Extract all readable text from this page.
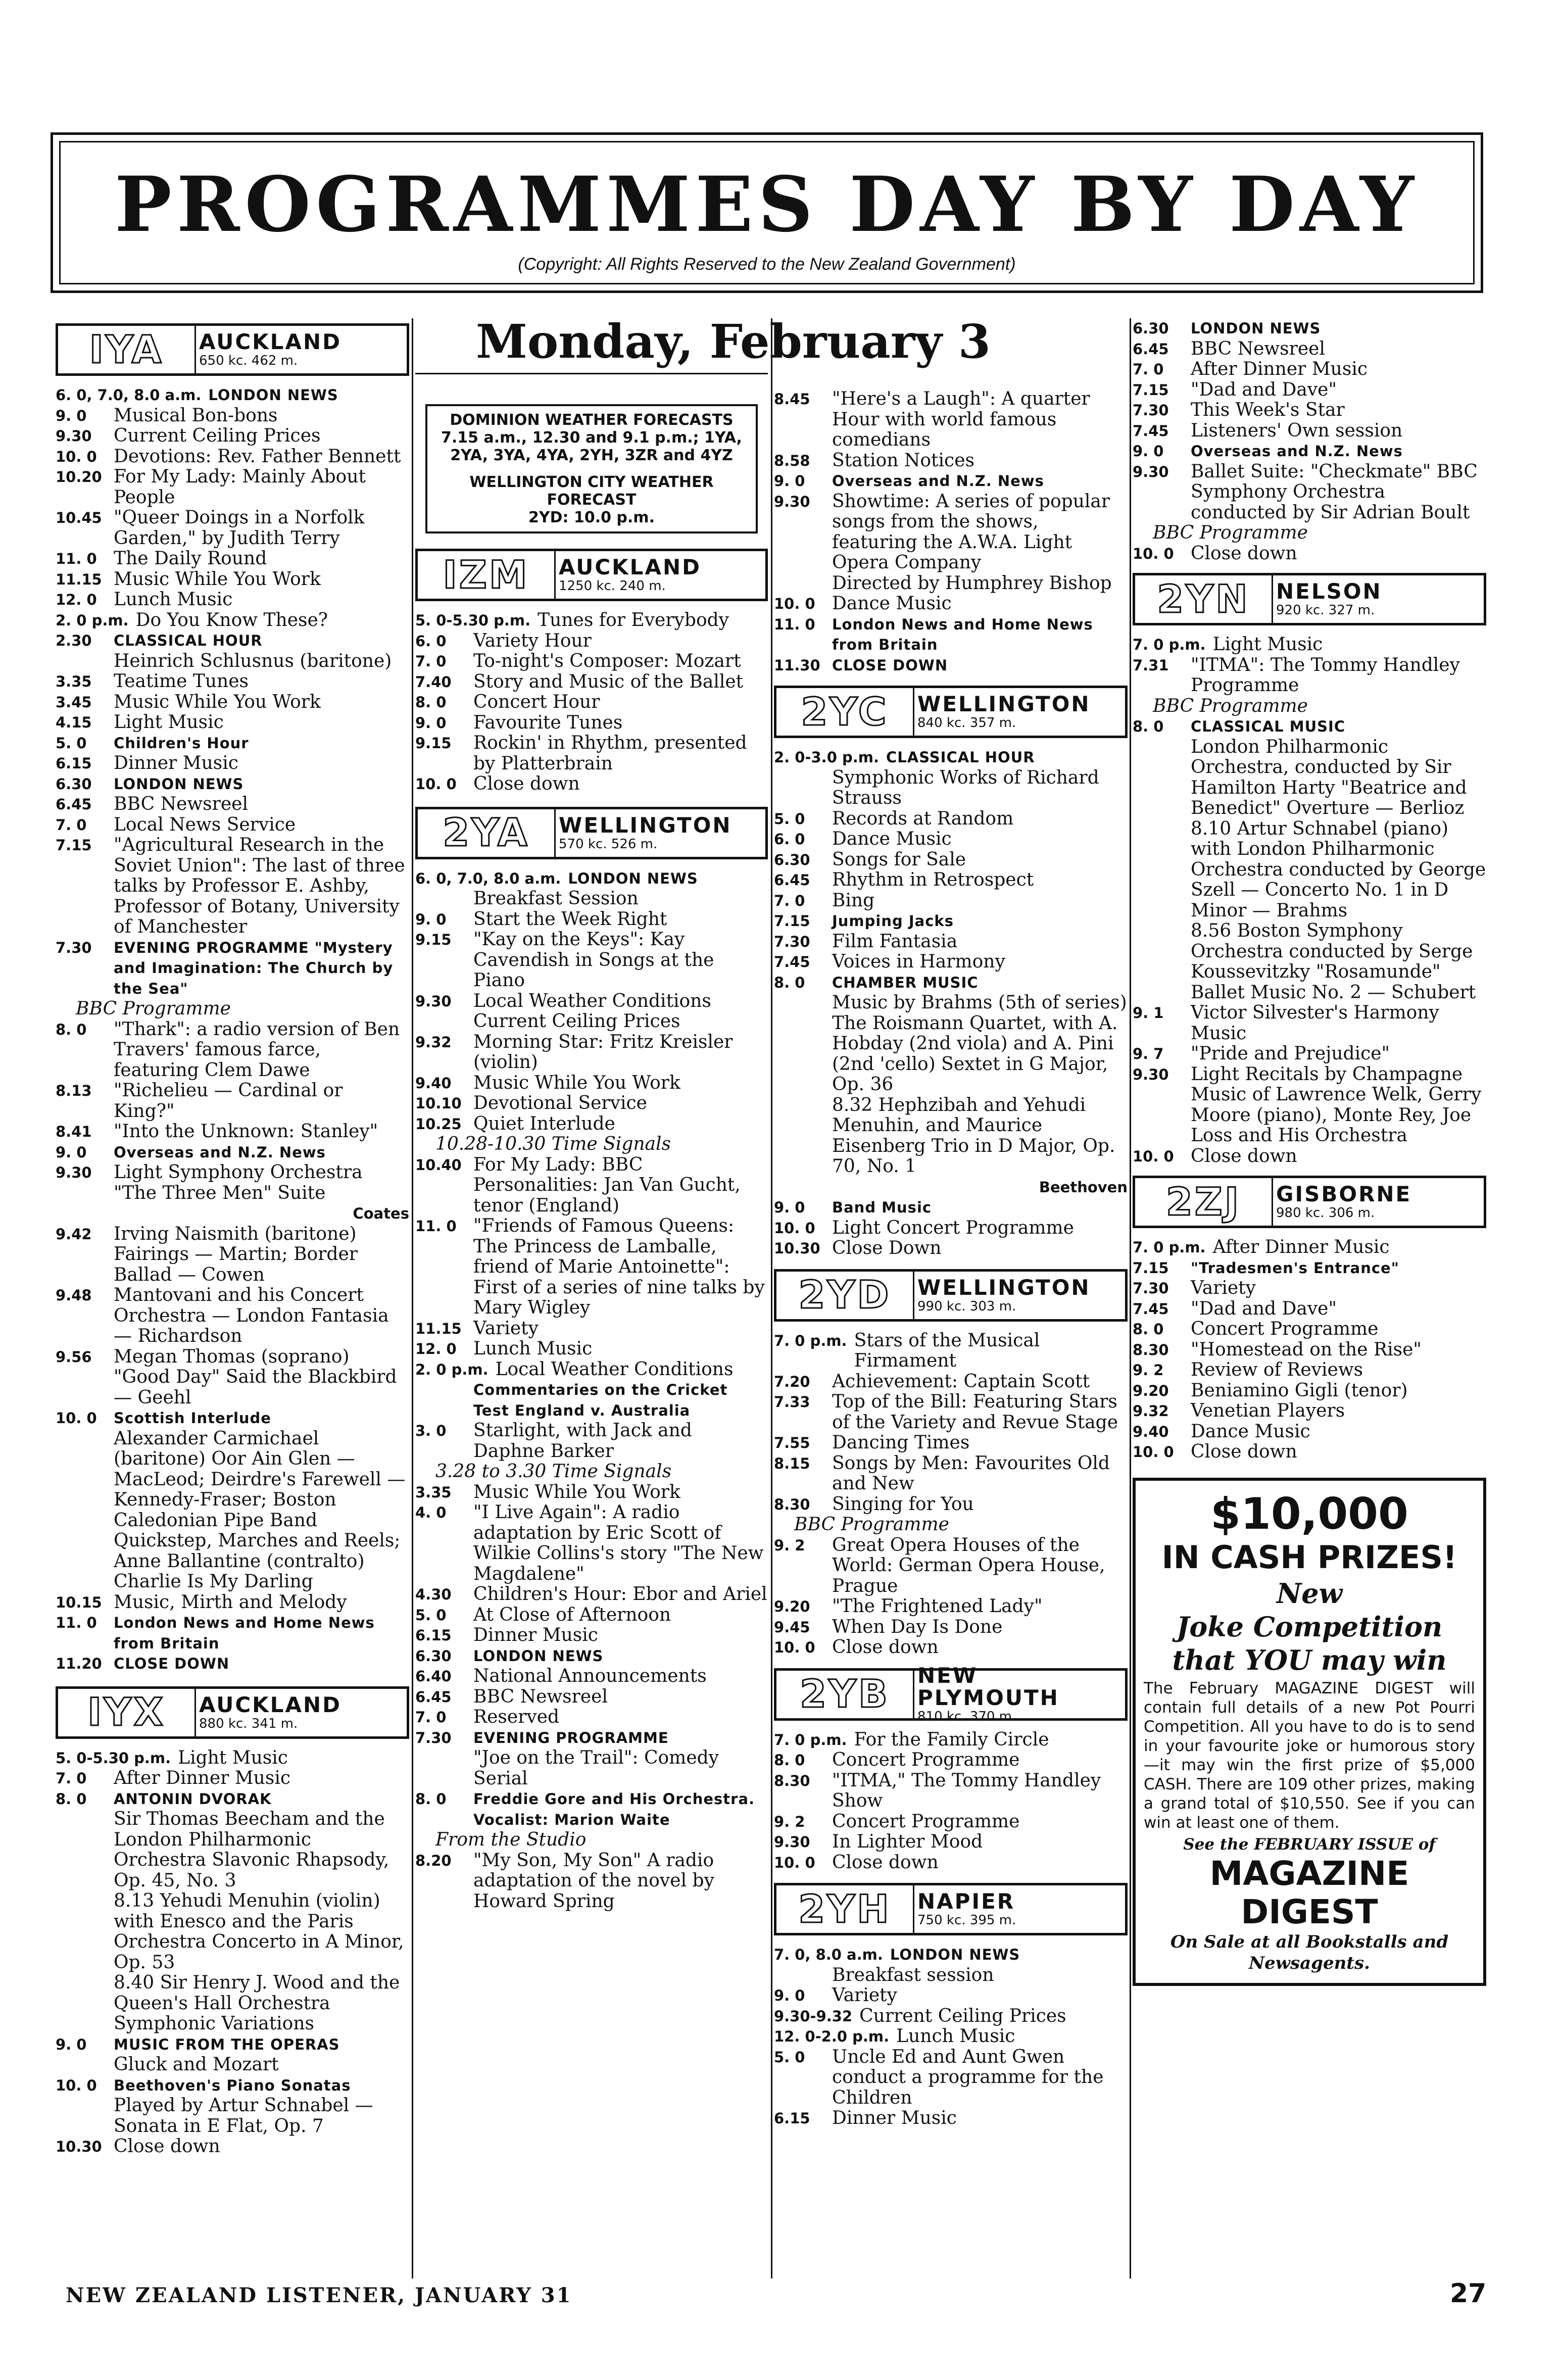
PROGRAMMES DAY BY DAY
(Copyright: All Rights Reserved to the New Zealand Government)
IYA	AUCKLAND
650 kc. 462 m.
6. 0, 7.0, 8.0 a.m. LONDON NEWS
9. 0	Musical Bon-bons
9.30	Current Ceiling Prices
10. 0 Devotions: Rev. Father Bennett
10.20 For My Lady: Mainly About People
10.45 "Queer Doings in a Norfolk Garden," by Judith Terry
11. 0 The Daily Round
11.15 Music While You Work
12. 0 Lunch Music
2. 0 p.m. Do You Know These?
2.30	CLASSICAL HOUR
Heinrich Schlusnus (baritone)
3.35	Teatime Tunes
3.45	Music While You Work
4.15	Light Music
5. 0	Children's Hour
6.15	Dinner Music
6.30	LONDON NEWS
6.45	BBC Newsreel
7. 0	Local News Service
7.15	"Agricultural Research in the Soviet Union": The last of three talks by Professor E. Ashby, Professor of Botany, University of Manchester
7.30	EVENING PROGRAMME "Mystery and Imagination: The Church by the Sea"
BBC Programme
8. 0	"Thark": a radio version of Ben Travers' famous farce, featuring Clem Dawe
8.13	"Richelieu — Cardinal or King?"
8.41	"Into the Unknown: Stanley"
9. 0	Overseas and N.Z. News
9.30	Light Symphony Orchestra "The Three Men" Suite
Coates
9.42	Irving Naismith (baritone) Fairings — Martin; Border Ballad — Cowen
9.48	Mantovani and his Concert Orchestra — London Fantasia — Richardson
9.56	Megan Thomas (soprano) "Good Day" Said the Blackbird — Geehl
10. 0	Scottish Interlude
Alexander Carmichael (baritone) Oor Ain Glen — MacLeod; Deirdre's Farewell — Kennedy-Fraser; Boston Caledonian Pipe Band Quickstep, Marches and Reels; Anne Ballantine (contralto) Charlie Is My Darling
10.15 Music, Mirth and Melody
11. 0	London News and Home News from Britain
11.20 CLOSE DOWN
IYX	AUCKLAND
880 kc. 341 m.
5. 0-5.30 p.m. Light Music
7. 0	After Dinner Music
8. 0	ANTONIN DVORAK
Sir Thomas Beecham and the London Philharmonic Orchestra Slavonic Rhapsody, Op. 45, No. 3
8.13 Yehudi Menuhin (violin) with Enesco and the Paris Orchestra Concerto in A Minor, Op. 53
8.40 Sir Henry J. Wood and the Queen's Hall Orchestra Symphonic Variations
9. 0	MUSIC FROM THE OPERAS
Gluck and Mozart
10. 0	Beethoven's Piano Sonatas
Played by Artur Schnabel — Sonata in E Flat, Op. 7
10.30 Close down
Monday, February 3
DOMINION WEATHER FORECASTS
7.15 a.m., 12.30 and 9.1 p.m.; 1YA, 2YA, 3YA, 4YA, 2YH, 3ZR and 4YZ
WELLINGTON CITY WEATHER FORECAST
2YD: 10.0 p.m.
IZM	AUCKLAND
1250 kc. 240 m.
5. 0-5.30 p.m. Tunes for Everybody
6. 0	Variety Hour
7. 0	To-night's Composer: Mozart
7.40	Story and Music of the Ballet
8. 0	Concert Hour
9. 0	Favourite Tunes
9.15	Rockin' in Rhythm, presented by Platterbrain
10. 0 Close down
2YA	WELLINGTON
570 kc. 526 m.
6. 0, 7.0, 8.0 a.m. LONDON NEWS
Breakfast Session
9. 0	Start the Week Right
9.15	"Kay on the Keys": Kay Cavendish in Songs at the Piano
9.30	Local Weather Conditions Current Ceiling Prices
9.32	Morning Star: Fritz Kreisler (violin)
9.40	Music While You Work
10.10 Devotional Service
10.25 Quiet Interlude
10.28-10.30 Time Signals
10.40 For My Lady: BBC Personalities: Jan Van Gucht, tenor (England)
11. 0 "Friends of Famous Queens: The Princess de Lamballe, friend of Marie Antoinette": First of a series of nine talks by Mary Wigley
11.15 Variety
12. 0 Lunch Music
2. 0 p.m. Local Weather Conditions
Commentaries on the Cricket Test England v. Australia
3. 0	Starlight, with Jack and Daphne Barker
3.28 to 3.30 Time Signals
3.35	Music While You Work
4. 0	"I Live Again": A radio adaptation by Eric Scott of Wilkie Collins's story "The New Magdalene"
4.30	Children's Hour: Ebor and Ariel
5. 0	At Close of Afternoon
6.15	Dinner Music
6.30	LONDON NEWS
6.40	National Announcements
6.45	BBC Newsreel
7. 0	Reserved
7.30	EVENING PROGRAMME
"Joe on the Trail": Comedy Serial
8. 0	Freddie Gore and His Orchestra. Vocalist: Marion Waite
From the Studio
8.20	"My Son, My Son" A radio adaptation of the novel by Howard Spring
8.45	"Here's a Laugh": A quarter Hour with world famous comedians
8.58	Station Notices
9. 0	Overseas and N.Z. News
9.30	Showtime: A series of popular songs from the shows, featuring the A.W.A. Light Opera Company
Directed by Humphrey Bishop
10. 0 Dance Music
11. 0	London News and Home News from Britain
11.30 CLOSE DOWN
2YC	WELLINGTON
840 kc. 357 m.
2. 0-3.0 p.m. CLASSICAL HOUR
Symphonic Works of Richard Strauss
5. 0	Records at Random
6. 0	Dance Music
6.30	Songs for Sale
6.45	Rhythm in Retrospect
7. 0	Bing
7.15	Jumping Jacks
7.30	Film Fantasia
7.45	Voices in Harmony
8. 0	CHAMBER MUSIC
Music by Brahms (5th of series) The Roismann Quartet, with A. Hobday (2nd viola) and A. Pini (2nd 'cello) Sextet in G Major, Op. 36
8.32 Hephzibah and Yehudi Menuhin, and Maurice Eisenberg Trio in D Major, Op. 70, No. 1
Beethoven
9. 0	Band Music
10. 0 Light Concert Programme
10.30 Close Down
2YD	WELLINGTON
990 kc. 303 m.
7. 0 p.m. Stars of the Musical Firmament
7.20	Achievement: Captain Scott
7.33	Top of the Bill: Featuring Stars of the Variety and Revue Stage
7.55	Dancing Times
8.15	Songs by Men: Favourites Old and New
8.30	Singing for You
BBC Programme
9. 2	Great Opera Houses of the World: German Opera House, Prague
9.20	"The Frightened Lady"
9.45	When Day Is Done
10. 0 Close down
2YB	NEW PLYMOUTH
810 kc. 370 m.
7. 0 p.m. For the Family Circle
8. 0	Concert Programme
8.30	"ITMA," The Tommy Handley Show
9. 2	Concert Programme
9.30	In Lighter Mood
10. 0 Close down
2YH	NAPIER
750 kc. 395 m.
7. 0, 8.0 a.m. LONDON NEWS
Breakfast session
9. 0	Variety
9.30-9.32 Current Ceiling Prices
12. 0-2.0 p.m. Lunch Music
5. 0	Uncle Ed and Aunt Gwen conduct a programme for the Children
6.15	Dinner Music
6.30	LONDON NEWS
6.45	BBC Newsreel
7. 0	After Dinner Music
7.15	"Dad and Dave"
7.30	This Week's Star
7.45	Listeners' Own session
9. 0	Overseas and N.Z. News
9.30	Ballet Suite: "Checkmate" BBC Symphony Orchestra conducted by Sir Adrian Boult
BBC Programme
10. 0 Close down
2YN	NELSON
920 kc. 327 m.
7. 0 p.m. Light Music
7.31	"ITMA": The Tommy Handley Programme
BBC Programme
8. 0	CLASSICAL MUSIC
London Philharmonic Orchestra, conducted by Sir Hamilton Harty "Beatrice and Benedict" Overture — Berlioz
8.10 Artur Schnabel (piano) with London Philharmonic Orchestra conducted by George Szell — Concerto No. 1 in D Minor — Brahms
8.56 Boston Symphony Orchestra conducted by Serge Koussevitzky "Rosamunde" Ballet Music No. 2 — Schubert
9. 1	Victor Silvester's Harmony Music
9. 7	"Pride and Prejudice"
9.30	Light Recitals by Champagne Music of Lawrence Welk, Gerry Moore (piano), Monte Rey, Joe Loss and His Orchestra
10. 0 Close down
2ZJ	GISBORNE
980 kc. 306 m.
7. 0 p.m. After Dinner Music
7.15	"Tradesmen's Entrance"
7.30	Variety
7.45	"Dad and Dave"
8. 0	Concert Programme
8.30	"Homestead on the Rise"
9. 2	Review of Reviews
9.20	Beniamino Gigli (tenor)
9.32	Venetian Players
9.40	Dance Music
10. 0 Close down
$10,000
IN CASH PRIZES!
New
Joke Competition
that YOU may win
The February MAGAZINE DIGEST will contain full details of a new Pot Pourri Competition. All you have to do is to send in your favourite joke or humorous story—it may win the first prize of $5,000 CASH. There are 109 other prizes, making a grand total of $10,550. See if you can win at least one of them.
See the FEBRUARY ISSUE of
MAGAZINE
DIGEST
On Sale at all Bookstalls and Newsagents.
NEW ZEALAND LISTENER, JANUARY 31	27
